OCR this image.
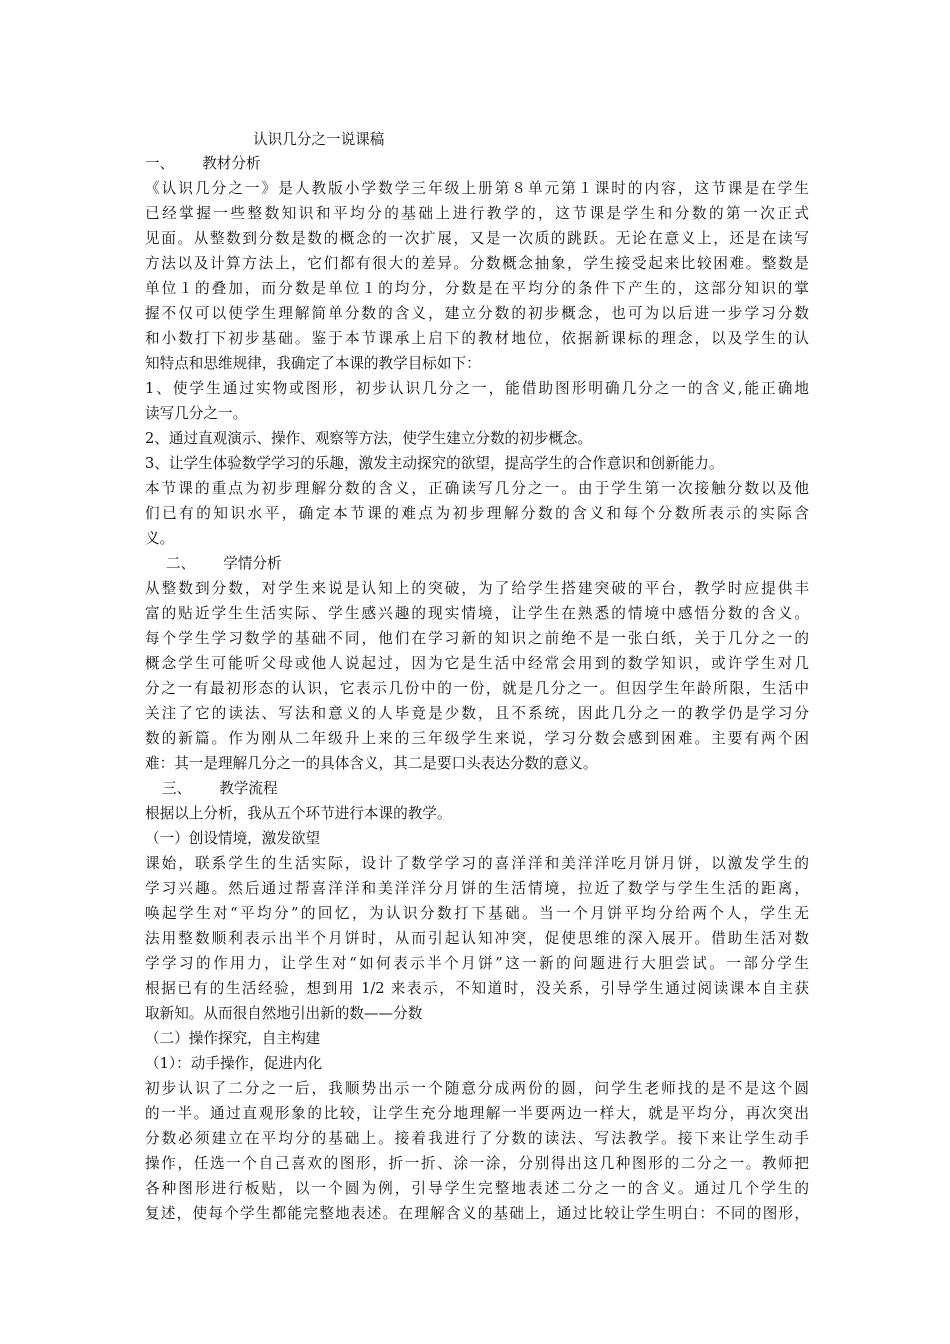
认识几分之一说课稿
一、 教材分析
《认识几分之一》是人教版小学数学三年级上册第８单元第１课时的内容，这节课是在学生
已经掌握一些整数知识和平均分的基础上进行教学的，这节课是学生和分数的第一次正式
见面。从整数到分数是数的概念的一次扩展，又是一次质的跳跃。无论在意义上，还是在读写
方法以及计算方法上，它们都有很大的差异。分数概念抽象，学生接受起来比较困难。整数是
单位１的叠加，而分数是单位１的均分，分数是在平均分的条件下产生的，这部分知识的掌
握不仅可以使学生理解简单分数的含义，建立分数的初步概念，也可为以后进一步学习分数
和小数打下初步基础。鉴于本节课承上启下的教材地位，依据新课标的理念，以及学生的认
知特点和思维规律，我确定了本课的教学目标如下：
1、使学生通过实物或图形，初步认识几分之一，能借助图形明确几分之一的含义,能正确地
读写几分之一。
2、通过直观演示、操作、观察等方法，使学生建立分数的初步概念。
3、让学生体验数学学习的乐趣，激发主动探究的欲望，提高学生的合作意识和创新能力。
本节课的重点为初步理解分数的含义，正确读写几分之一。由于学生第一次接触分数以及他
们已有的知识水平，确定本节课的难点为初步理解分数的含义和每个分数所表示的实际含
义。
二、 学情分析
从整数到分数，对学生来说是认知上的突破，为了给学生搭建突破的平台，教学时应提供丰
富的贴近学生生活实际、学生感兴趣的现实情境，让学生在熟悉的情境中感悟分数的含义。
每个学生学习数学的基础不同，他们在学习新的知识之前绝不是一张白纸，关于几分之一的
概念学生可能听父母或他人说起过，因为它是生活中经常会用到的数学知识，或许学生对几
分之一有最初形态的认识，它表示几份中的一份，就是几分之一。但因学生年龄所限，生活中
关注了它的读法、写法和意义的人毕竟是少数，且不系统，因此几分之一的教学仍是学习分
数的新篇。作为刚从二年级升上来的三年级学生来说，学习分数会感到困难。主要有两个困
难：其一是理解几分之一的具体含义，其二是要口头表达分数的意义。
三、 教学流程
根据以上分析，我从五个环节进行本课的教学。
（一）创设情境，激发欲望
课始，联系学生的生活实际，设计了数学学习的喜洋洋和美洋洋吃月饼月饼，以激发学生的
学习兴趣。然后通过帮喜洋洋和美洋洋分月饼的生活情境，拉近了数学与学生生活的距离，
唤起学生对“平均分”的回忆，为认识分数打下基础。当一个月饼平均分给两个人，学生无
法用整数顺利表示出半个月饼时，从而引起认知冲突，促使思维的深入展开。借助生活对数
学学习的作用力，让学生对“如何表示半个月饼”这一新的问题进行大胆尝试。一部分学生
根据已有的生活经验，想到用 1/2 来表示，不知道时，没关系，引导学生通过阅读课本自主获
取新知。从而很自然地引出新的数——分数
（二）操作探究，自主构建
（1）：动手操作，促进内化
初步认识了二分之一后，我顺势出示一个随意分成两份的圆，问学生老师找的是不是这个圆
的一半。通过直观形象的比较，让学生充分地理解一半要两边一样大，就是平均分，再次突出
分数必须建立在平均分的基础上。接着我进行了分数的读法、写法教学。接下来让学生动手
操作，任选一个自己喜欢的图形，折一折、涂一涂，分别得出这几种图形的二分之一。教师把
各种图形进行板贴，以一个圆为例，引导学生完整地表述二分之一的含义。通过几个学生的
复述，使每个学生都能完整地表述。在理解含义的基础上，通过比较让学生明白：不同的图形，
